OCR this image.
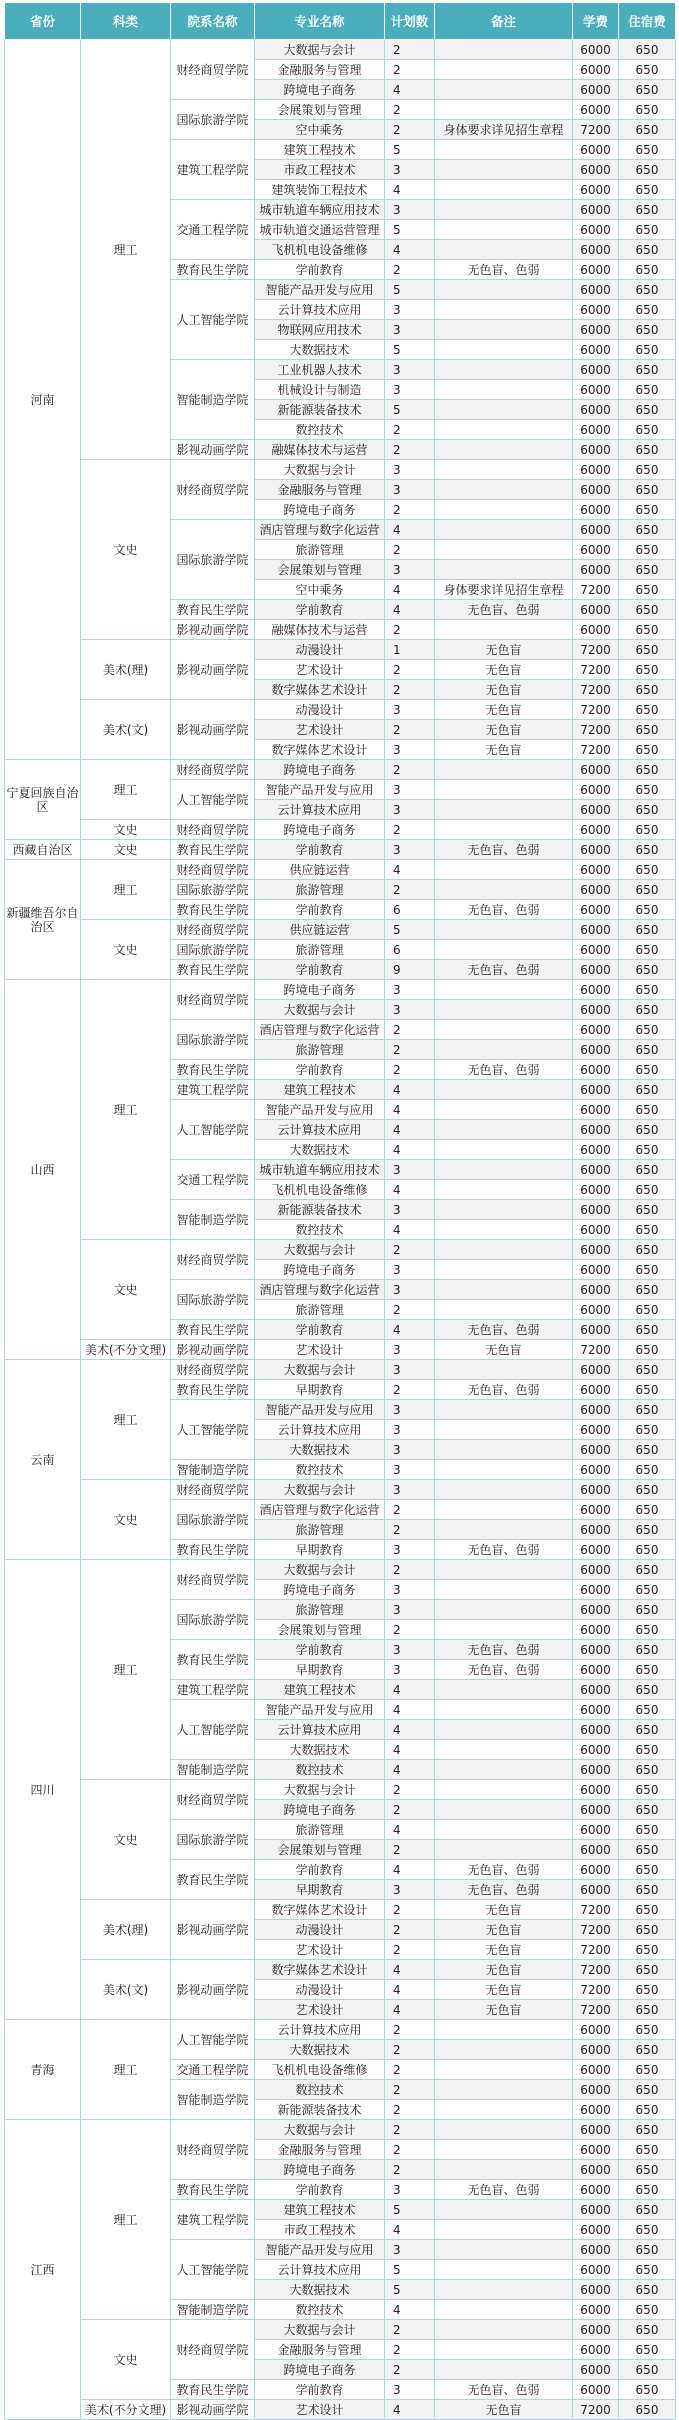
省份	科类	院系名称	专业名称	计划数	备注	学费	住宿费
河南	理工	财经商贸学院	大数据与会计	2		6000	650
			金融服务与管理	2		6000	650
			跨境电子商务	4		6000	650
		国际旅游学院	会展策划与管理	2		6000	650
			空中乘务	2	身体要求详见招生章程	7200	650
		建筑工程学院	建筑工程技术	5		6000	650
			市政工程技术	3		6000	650
			建筑装饰工程技术	4		6000	650
		交通工程学院	城市轨道车辆应用技术	3		6000	650
			城市轨道交通运营管理	5		6000	650
			飞机机电设备维修	4		6000	650
		教育民生学院	学前教育	2	无色盲、色弱	6000	650
		人工智能学院	智能产品开发与应用	5		6000	650
			云计算技术应用	3		6000	650
			物联网应用技术	3		6000	650
			大数据技术	5		6000	650
		智能制造学院	工业机器人技术	3		6000	650
			机械设计与制造	3		6000	650
			新能源装备技术	5		6000	650
			数控技术	2		6000	650
		影视动画学院	融媒体技术与运营	2		6000	650
	文史	财经商贸学院	大数据与会计	3		6000	650
			金融服务与管理	3		6000	650
			跨境电子商务	2		6000	650
		国际旅游学院	酒店管理与数字化运营	4		6000	650
			旅游管理	2		6000	650
			会展策划与管理	3		6000	650
			空中乘务	4	身体要求详见招生章程	7200	650
		教育民生学院	学前教育	4	无色盲、色弱	6000	650
		影视动画学院	融媒体技术与运营	2		6000	650
	美术(理)	影视动画学院	动漫设计	1	无色盲	7200	650
			艺术设计	2	无色盲	7200	650
			数字媒体艺术设计	2	无色盲	7200	650
	美术(文)	影视动画学院	动漫设计	3	无色盲	7200	650
			艺术设计	2	无色盲	7200	650
			数字媒体艺术设计	3	无色盲	7200	650
宁夏回族自治区	理工	财经商贸学院	跨境电子商务	2		6000	650
		人工智能学院	智能产品开发与应用	3		6000	650
			云计算技术应用	3		6000	650
	文史	财经商贸学院	跨境电子商务	2		6000	650
西藏自治区	文史	教育民生学院	学前教育	3	无色盲、色弱	6000	650
新疆维吾尔自治区	理工	财经商贸学院	供应链运营	4		6000	650
		国际旅游学院	旅游管理	2		6000	650
		教育民生学院	学前教育	6	无色盲、色弱	6000	650
	文史	财经商贸学院	供应链运营	5		6000	650
		国际旅游学院	旅游管理	6		6000	650
		教育民生学院	学前教育	9	无色盲、色弱	6000	650
山西	理工	财经商贸学院	跨境电子商务	3		6000	650
			大数据与会计	3		6000	650
		国际旅游学院	酒店管理与数字化运营	2		6000	650
			旅游管理	2		6000	650
		教育民生学院	学前教育	2	无色盲、色弱	6000	650
		建筑工程学院	建筑工程技术	4		6000	650
		人工智能学院	智能产品开发与应用	4		6000	650
			云计算技术应用	4		6000	650
			大数据技术	4		6000	650
		交通工程学院	城市轨道车辆应用技术	3		6000	650
			飞机机电设备维修	4		6000	650
		智能制造学院	新能源装备技术	3		6000	650
			数控技术	4		6000	650
	文史	财经商贸学院	大数据与会计	2		6000	650
			跨境电子商务	3		6000	650
		国际旅游学院	酒店管理与数字化运营	3		6000	650
			旅游管理	2		6000	650
		教育民生学院	学前教育	4	无色盲、色弱	6000	650
	美术(不分文理)	影视动画学院	艺术设计	3	无色盲	7200	650
云南	理工	财经商贸学院	大数据与会计	3		6000	650
		教育民生学院	早期教育	2	无色盲、色弱	6000	650
		人工智能学院	智能产品开发与应用	3		6000	650
			云计算技术应用	3		6000	650
			大数据技术	3		6000	650
		智能制造学院	数控技术	3		6000	650
	文史	财经商贸学院	大数据与会计	3		6000	650
		国际旅游学院	酒店管理与数字化运营	2		6000	650
			旅游管理	2		6000	650
		教育民生学院	早期教育	3	无色盲、色弱	6000	650
四川	理工	财经商贸学院	大数据与会计	2		6000	650
			跨境电子商务	3		6000	650
		国际旅游学院	旅游管理	3		6000	650
			会展策划与管理	2		6000	650
		教育民生学院	学前教育	3	无色盲、色弱	6000	650
			早期教育	3	无色盲、色弱	6000	650
		建筑工程学院	建筑工程技术	4		6000	650
		人工智能学院	智能产品开发与应用	4		6000	650
			云计算技术应用	4		6000	650
			大数据技术	4		6000	650
		智能制造学院	数控技术	4		6000	650
	文史	财经商贸学院	大数据与会计	2		6000	650
			跨境电子商务	2		6000	650
		国际旅游学院	旅游管理	4		6000	650
			会展策划与管理	2		6000	650
		教育民生学院	学前教育	4	无色盲、色弱	6000	650
			早期教育	3	无色盲、色弱	6000	650
	美术(理)	影视动画学院	数字媒体艺术设计	2	无色盲	7200	650
			动漫设计	2	无色盲	7200	650
			艺术设计	2	无色盲	7200	650
	美术(文)	影视动画学院	数字媒体艺术设计	4	无色盲	7200	650
			动漫设计	4	无色盲	7200	650
			艺术设计	4	无色盲	7200	650
青海	理工	人工智能学院	云计算技术应用	2		6000	650
			大数据技术	2		6000	650
		交通工程学院	飞机机电设备维修	2		6000	650
		智能制造学院	数控技术	2		6000	650
			新能源装备技术	2		6000	650
江西	理工	财经商贸学院	大数据与会计	2		6000	650
			金融服务与管理	2		6000	650
			跨境电子商务	2		6000	650
		教育民生学院	学前教育	3	无色盲、色弱	6000	650
		建筑工程学院	建筑工程技术	5		6000	650
			市政工程技术	4		6000	650
		人工智能学院	智能产品开发与应用	3		6000	650
			云计算技术应用	5		6000	650
			大数据技术	5		6000	650
		智能制造学院	数控技术	4		6000	650
	文史	财经商贸学院	大数据与会计	2		6000	650
			金融服务与管理	2		6000	650
			跨境电子商务	2		6000	650
		教育民生学院	学前教育	3	无色盲、色弱	6000	650
	美术(不分文理)	影视动画学院	艺术设计	4	无色盲	7200	650
